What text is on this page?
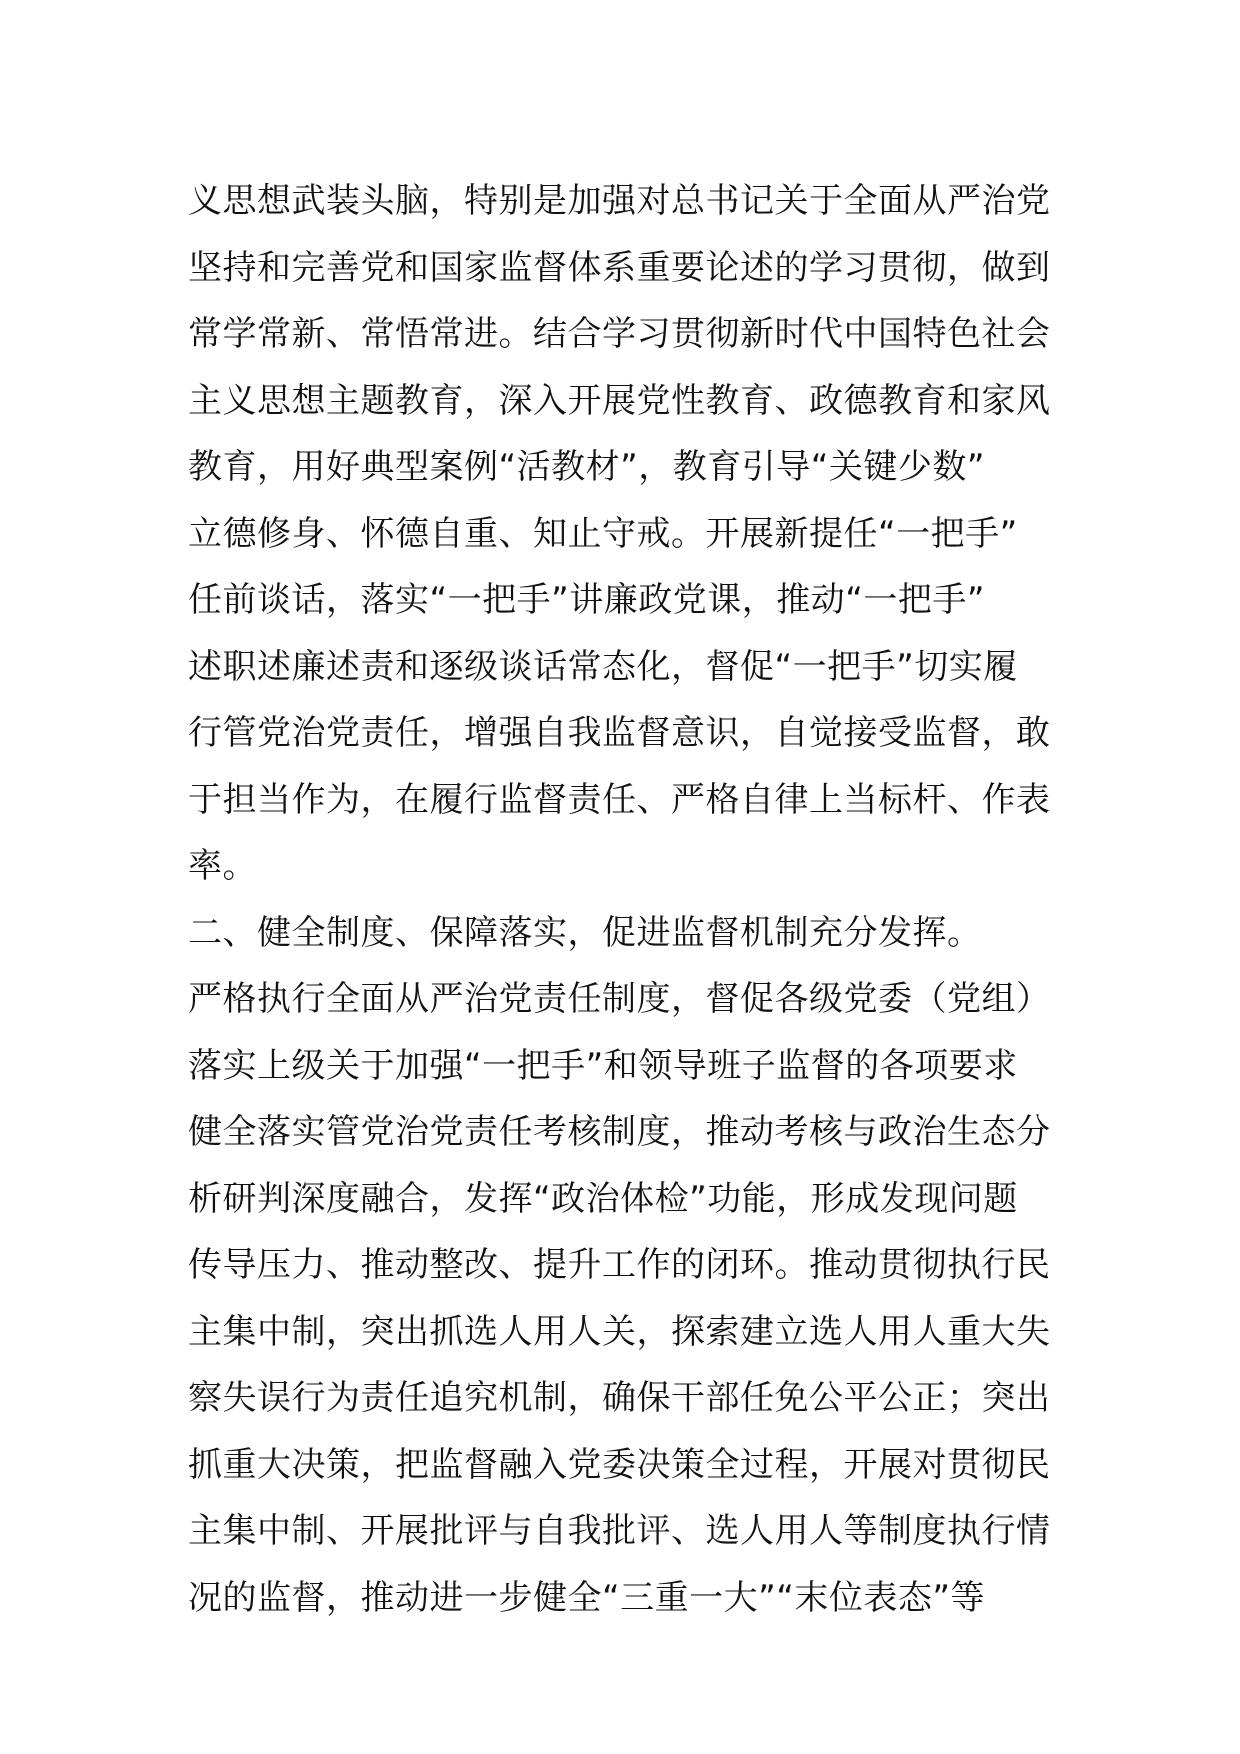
义思想武装头脑，特别是加强对总书记关于全面从严治党
坚持和完善党和国家监督体系重要论述的学习贯彻，做到
常学常新、常悟常进。结合学习贯彻新时代中国特色社会
主义思想主题教育，深入开展党性教育、政德教育和家风
教育，用好典型案例“活教材”，教育引导“关键少数”
立德修身、怀德自重、知止守戒。开展新提任“一把手”
任前谈话，落实“一把手”讲廉政党课，推动“一把手”
述职述廉述责和逐级谈话常态化，督促“一把手”切实履
行管党治党责任，增强自我监督意识，自觉接受监督，敢
于担当作为，在履行监督责任、严格自律上当标杆、作表
率。
二、健全制度、保障落实，促进监督机制充分发挥。
严格执行全面从严治党责任制度，督促各级党委（党组）
落实上级关于加强“一把手”和领导班子监督的各项要求
健全落实管党治党责任考核制度，推动考核与政治生态分
析研判深度融合，发挥“政治体检”功能，形成发现问题
传导压力、推动整改、提升工作的闭环。推动贯彻执行民
主集中制，突出抓选人用人关，探索建立选人用人重大失
察失误行为责任追究机制，确保干部任免公平公正；突出
抓重大决策，把监督融入党委决策全过程，开展对贯彻民
主集中制、开展批评与自我批评、选人用人等制度执行情
况的监督，推动进一步健全“三重一大”“末位表态”等
